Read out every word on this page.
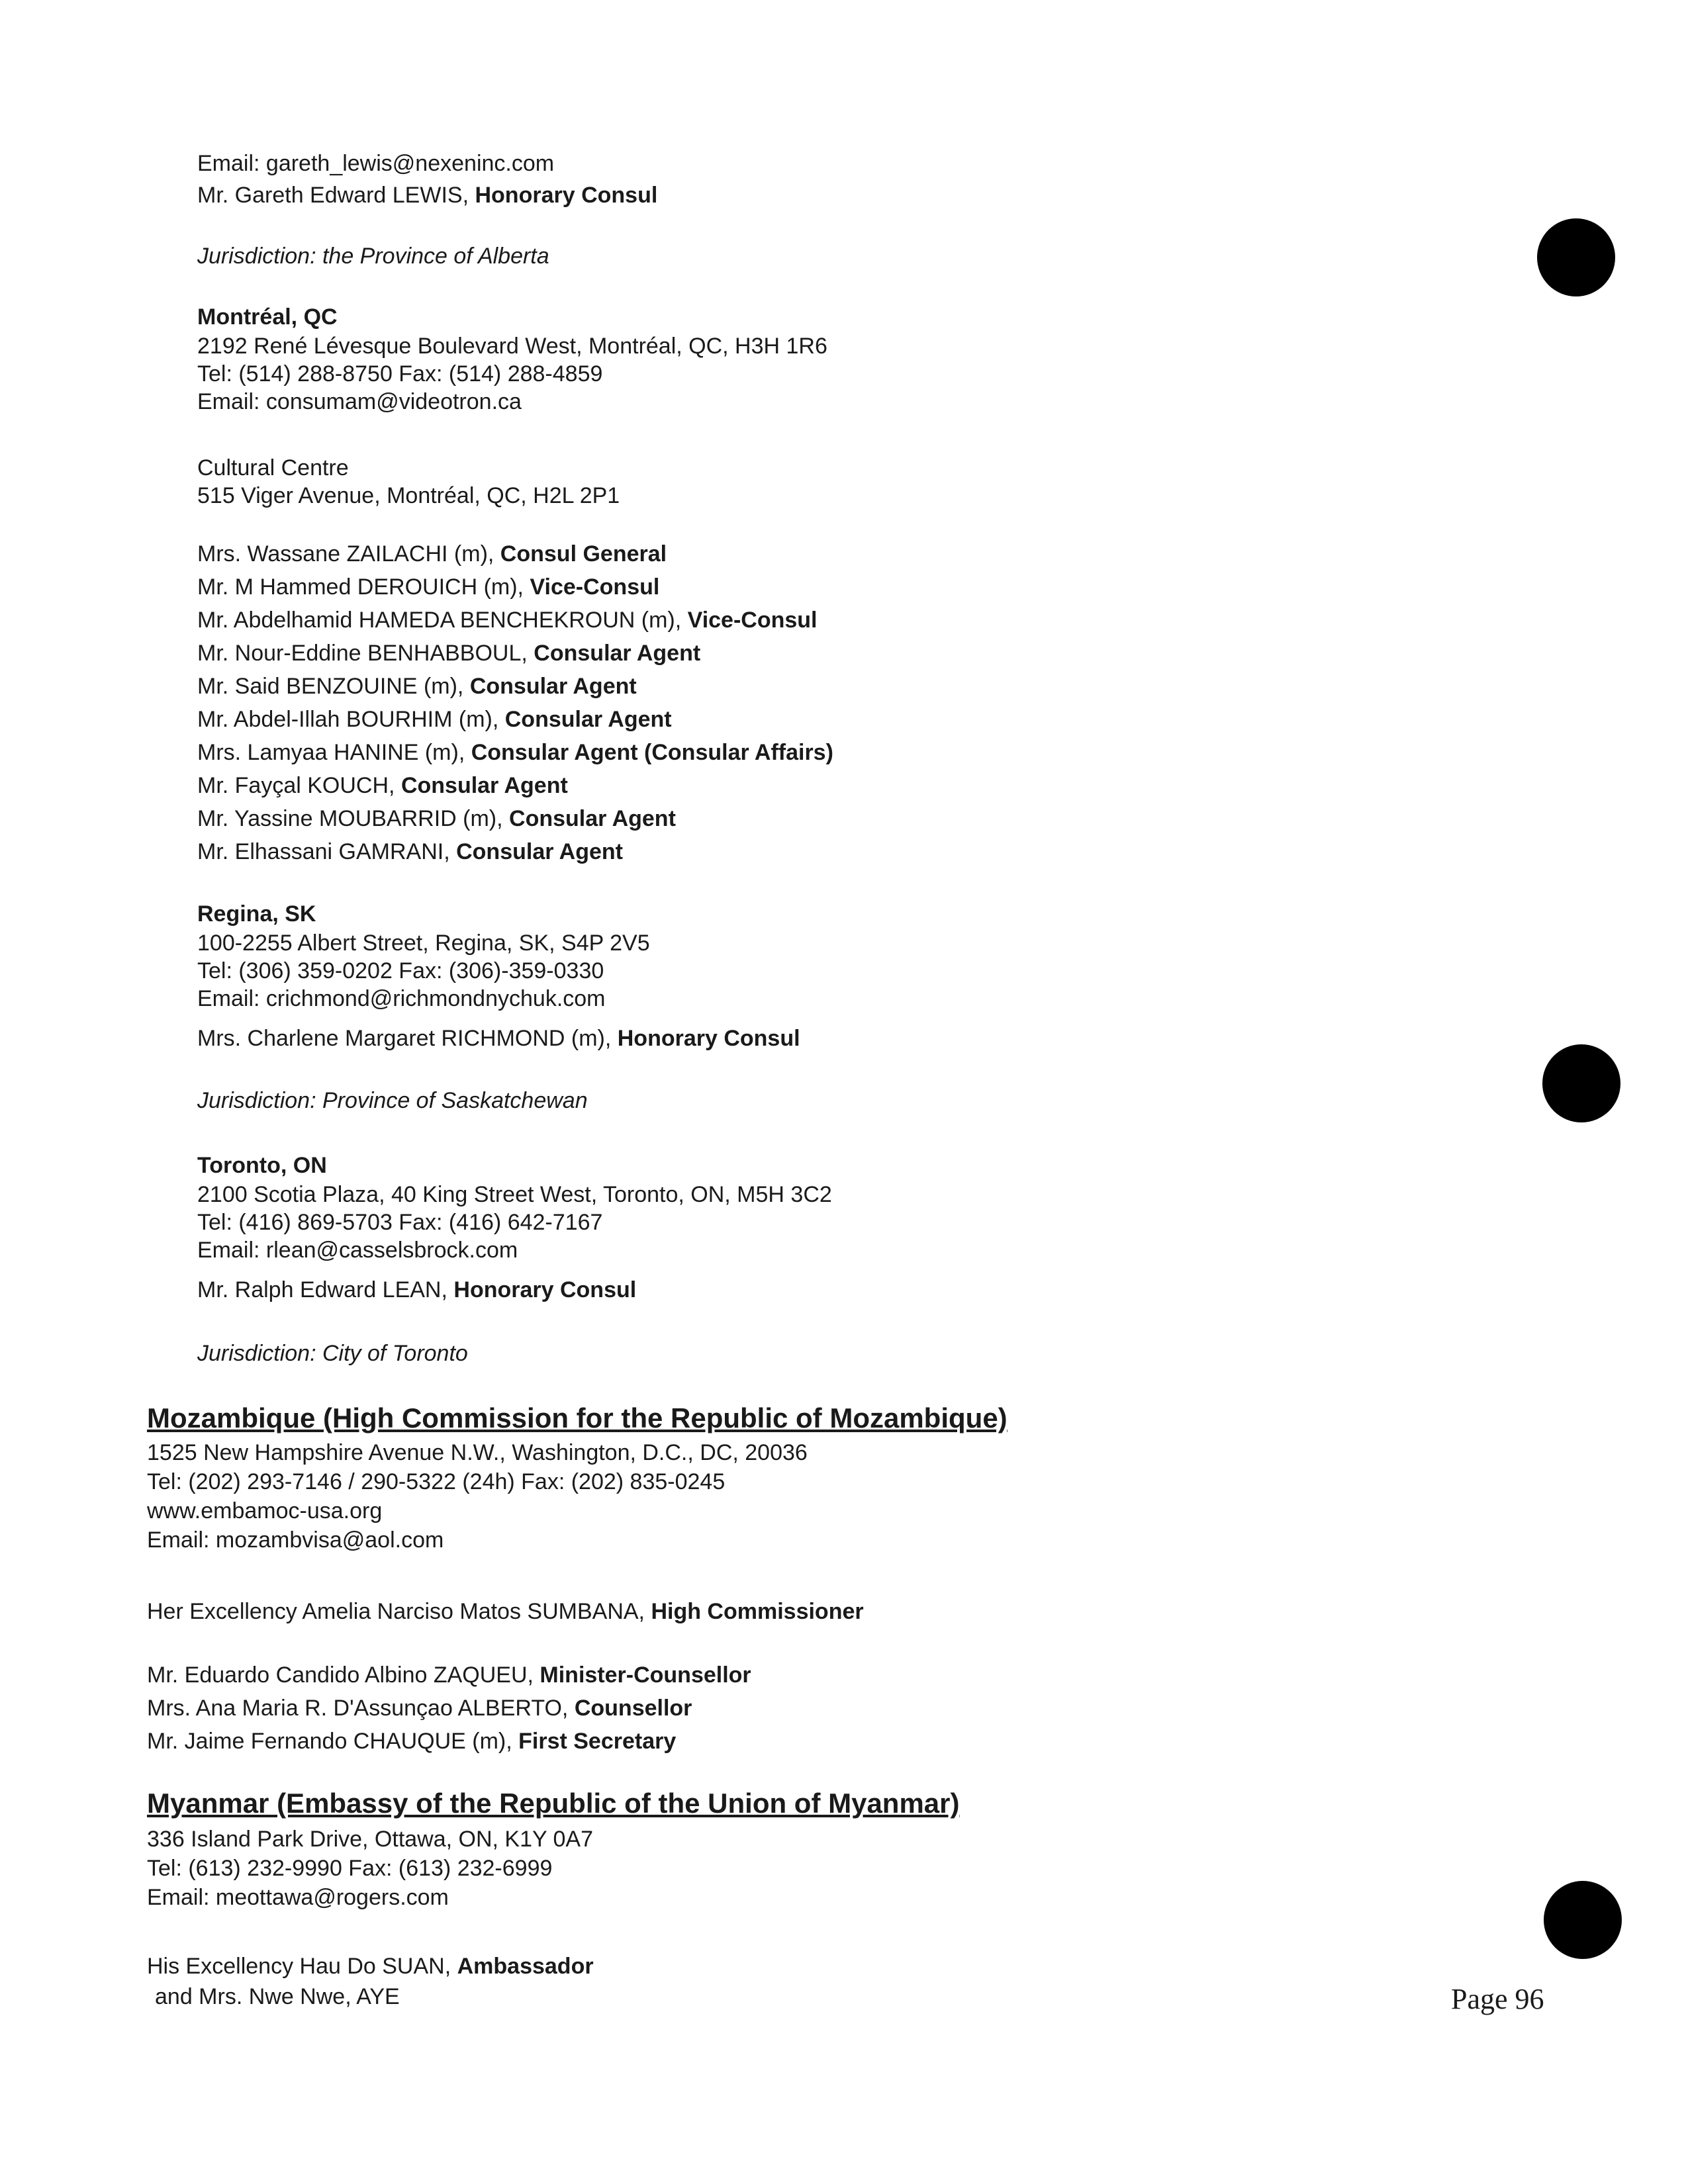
Email: gareth_lewis@nexeninc.com
Mr. Gareth Edward LEWIS, Honorary Consul
Jurisdiction: the Province of Alberta
Montréal, QC
2192 René Lévesque Boulevard West, Montréal, QC, H3H 1R6
Tel: (514) 288-8750 Fax: (514) 288-4859
Email: consumam@videotron.ca
Cultural Centre
515 Viger Avenue, Montréal, QC, H2L 2P1
Mrs. Wassane ZAILACHI (m), Consul General
Mr. M Hammed DEROUICH (m), Vice-Consul
Mr. Abdelhamid HAMEDA BENCHEKROUN (m), Vice-Consul
Mr. Nour-Eddine BENHABBOUL, Consular Agent
Mr. Said BENZOUINE (m), Consular Agent
Mr. Abdel-Illah BOURHIM (m), Consular Agent
Mrs. Lamyaa HANINE (m), Consular Agent (Consular Affairs)
Mr. Fayçal KOUCH, Consular Agent
Mr. Yassine MOUBARRID (m), Consular Agent
Mr. Elhassani GAMRANI, Consular Agent
Regina, SK
100-2255 Albert Street, Regina, SK, S4P 2V5
Tel: (306) 359-0202 Fax: (306)-359-0330
Email: crichmond@richmondnychuk.com
Mrs. Charlene Margaret RICHMOND (m), Honorary Consul
Jurisdiction: Province of Saskatchewan
Toronto, ON
2100 Scotia Plaza, 40 King Street West, Toronto, ON, M5H 3C2
Tel: (416) 869-5703 Fax: (416) 642-7167
Email: rlean@casselsbrock.com
Mr. Ralph Edward LEAN, Honorary Consul
Jurisdiction: City of Toronto
Mozambique (High Commission for the Republic of Mozambique)
1525 New Hampshire Avenue N.W., Washington, D.C., DC, 20036
Tel: (202) 293-7146 / 290-5322 (24h) Fax: (202) 835-0245
www.embamoc-usa.org
Email: mozambvisa@aol.com
Her Excellency Amelia Narciso Matos SUMBANA, High Commissioner
Mr. Eduardo Candido Albino ZAQUEU, Minister-Counsellor
Mrs. Ana Maria R. D'Assunçao ALBERTO, Counsellor
Mr. Jaime Fernando CHAUQUE (m), First Secretary
Myanmar (Embassy of the Republic of the Union of Myanmar)
336 Island Park Drive, Ottawa, ON, K1Y 0A7
Tel: (613) 232-9990 Fax: (613) 232-6999
Email: meottawa@rogers.com
His Excellency Hau Do SUAN, Ambassador
and Mrs. Nwe Nwe, AYE	Page 96
